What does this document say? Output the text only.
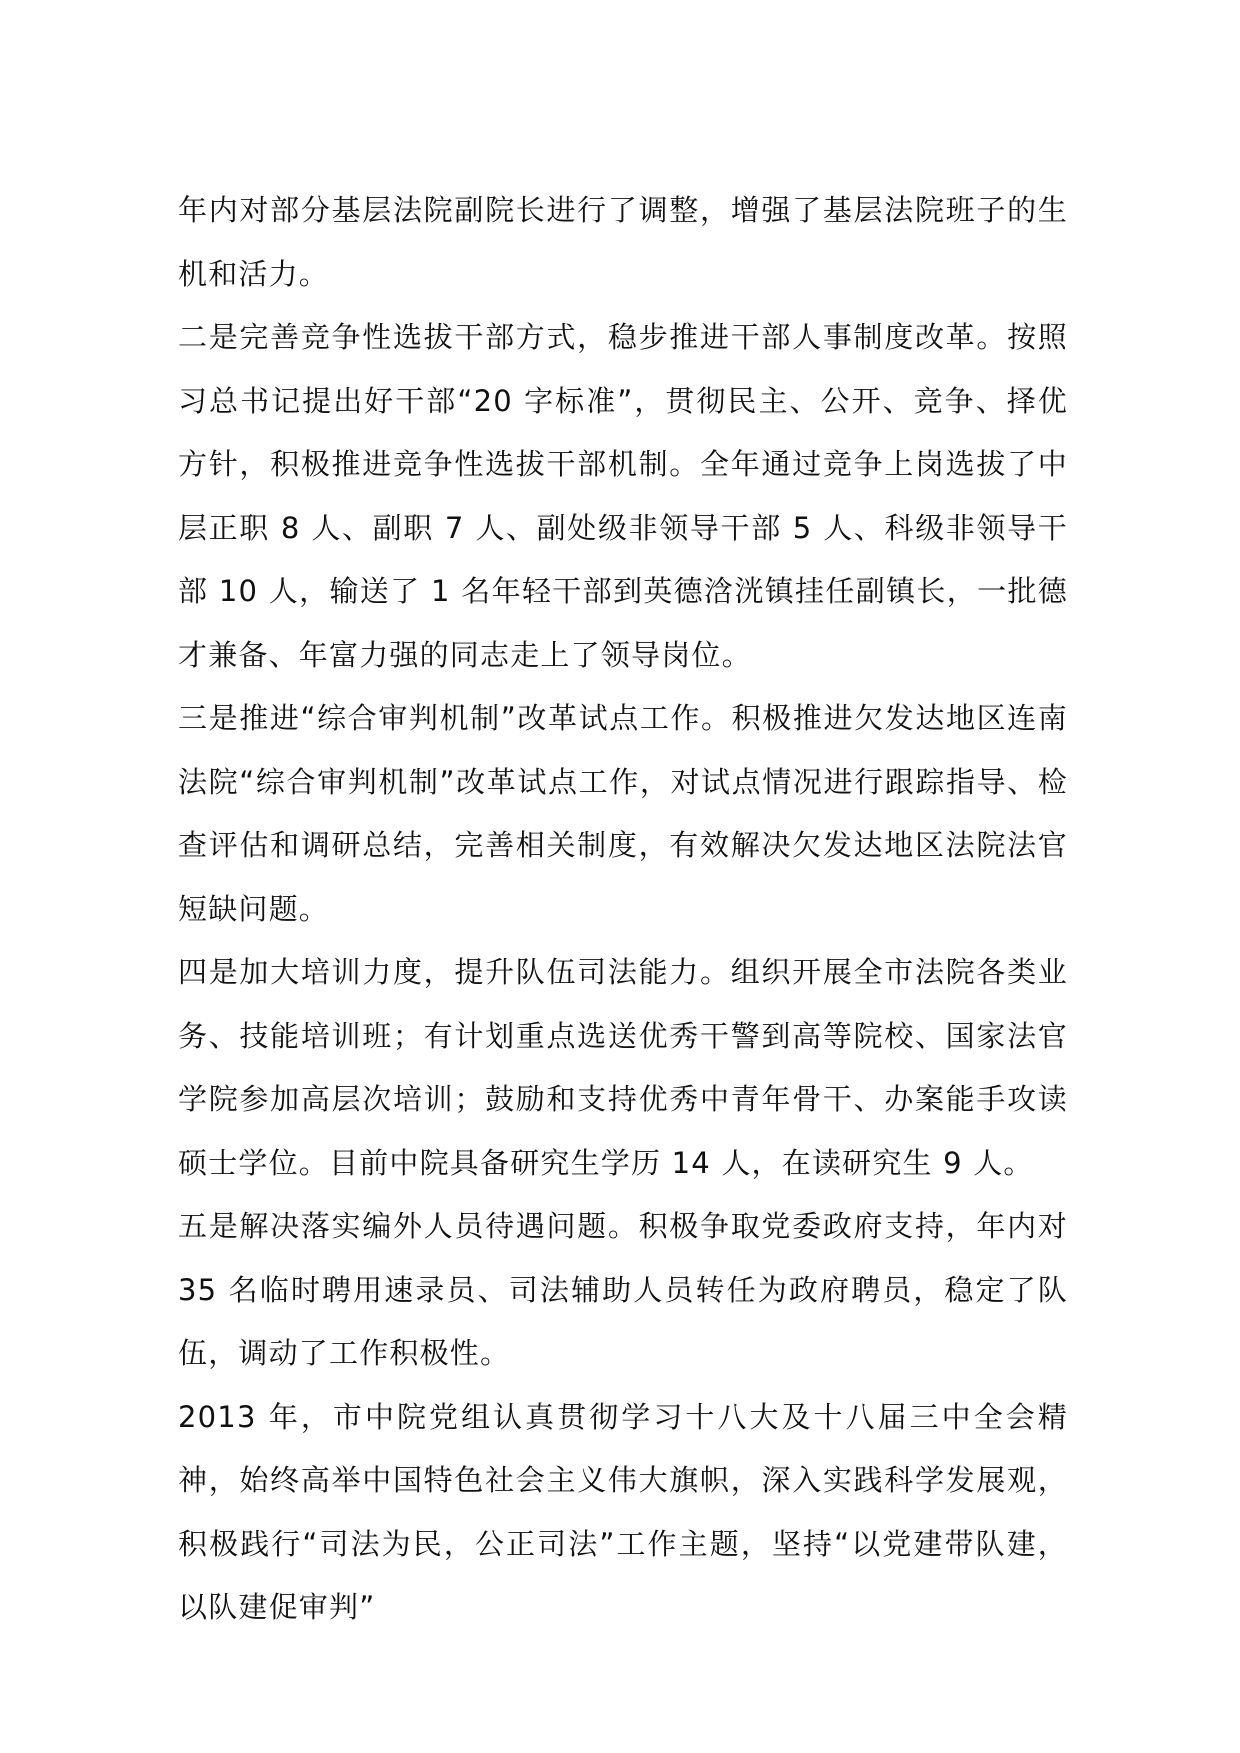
年内对部分基层法院副院长进行了调整，增强了基层法院班子的生机和活力。

二是完善竞争性选拔干部方式，稳步推进干部人事制度改革。按照习总书记提出好干部“20 字标准”，贯彻民主、公开、竞争、择优方针，积极推进竞争性选拔干部机制。全年通过竞争上岗选拔了中层正职 8 人、副职 7 人、副处级非领导干部 5 人、科级非领导干部 10 人，输送了 1 名年轻干部到英德浛洸镇挂任副镇长，一批德才兼备、年富力强的同志走上了领导岗位。

三是推进“综合审判机制”改革试点工作。积极推进欠发达地区连南法院“综合审判机制”改革试点工作，对试点情况进行跟踪指导、检查评估和调研总结，完善相关制度，有效解决欠发达地区法院法官短缺问题。

四是加大培训力度，提升队伍司法能力。组织开展全市法院各类业务、技能培训班；有计划重点选送优秀干警到高等院校、国家法官学院参加高层次培训；鼓励和支持优秀中青年骨干、办案能手攻读硕士学位。目前中院具备研究生学历 14 人，在读研究生 9 人。

五是解决落实编外人员待遇问题。积极争取党委政府支持，年内对 35 名临时聘用速录员、司法辅助人员转任为政府聘员，稳定了队伍，调动了工作积极性。

2013 年，市中院党组认真贯彻学习十八大及十八届三中全会精神，始终高举中国特色社会主义伟大旗帜，深入实践科学发展观，积极践行“司法为民，公正司法”工作主题，坚持“以党建带队建，以队建促审判”
